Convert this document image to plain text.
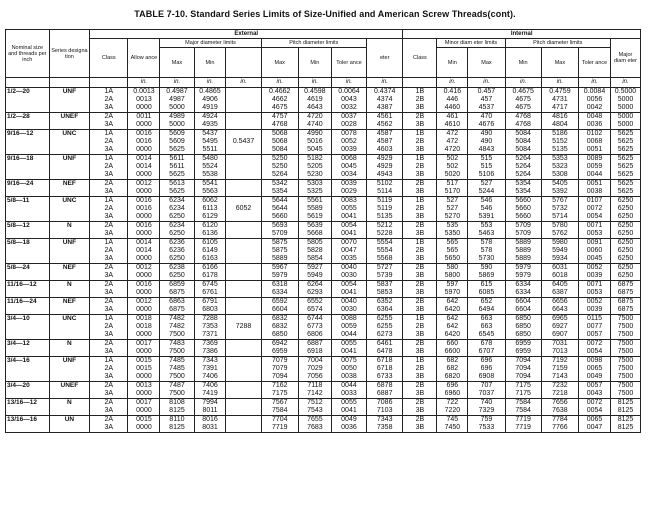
TABLE 7-10. Standard Series Limits of Size-Unified and American Screw Threads(cont).
Nominal size and threads per inch	Series designa tion	External									Internal						
		Class	Allow ance	Major diameter limits			Pitch diameter limits			eter	Class	Minor diam eter limits		Pitch diameter limits			Major diam eter
				Max	Min		Max	Min	Toler ance			Min	Max	Min	Max	Toler ance	
			in.	in.	in.	in.	in.	in.	in.	in.		in.	in.	in.	in.	in.	in.
1/2—20	UNF	1A	0.0013	0.4987	0.4865		0.4662	0.4598	0.0064	0.4374	1B	0.416	0.457	0.4675	0.4759	0.0084	0.5000
		2A	0013	4987	4906		4662	4619	0043	4374	2B	446	457	4675	4731	0056	5000
		3A	0000	5000	4919		4675	4643	0032	4387	3B	4460	4537	4675	4717	0042	5000
1/2—28	UNEF	2A	0011	4989	4924		4757	4720	0037	4561	2B	461	470	4768	4816	0048	5000
		3A	0000	5000	4935		4768	4740	0028	4562	3B	4610	4676	4768	4804	0036	5000
9/16—12	UNC	1A	0016	5609	5437		5068	4990	0078	4587	1B	472	490	5084	5186	0102	5625
		2A	0016	5609	5495	0.5437	5068	5016	0052	4587	2B	472	490	5084	5152	0068	5625
		3A	0000	5625	5511		5084	5045	0039	4603	3B	4720	4843	5084	5135	0051	5625
9/16—18	UNF	1A	0014	5611	5480		5250	5182	0068	4929	1B	502	515	5264	5353	0089	5625
		2A	0014	5611	5524		5250	5205	0045	4929	2B	502	515	5264	5323	0059	5625
		3A	0000	5625	5538		5264	5230	0034	4943	3B	5020	5106	5264	5308	0044	5625
9/16—24	NEF	2A	0012	5613	5541		5342	5303	0039	5102	2B	517	527	5354	5405	0051	5625
		3A	0000	5625	5563		5354	5325	0029	5114	3B	5170	5244	5354	5392	0038	5625
5/8—11	UNC	1A	0016	6234	6062		5644	5561	0083	5119	1B	527	546	5660	5767	0107	6250
		2A	0016	6234	6113	6052	5644	5589	0055	5119	2B	527	546	5660	5732	0072	6250
		3A	0000	6250	6129		5660	5619	0041	5135	3B	5270	5391	5660	5714	0054	6250
5/8—12	N	2A	0016	6234	6120		5693	5639	0054	5212	2B	535	553	5709	5780	0071	6250
		3A	0000	6250	6136		5709	5668	0041	5228	3B	5350	5463	5709	5762	0053	6250
5/8—18	UNF	1A	0014	6236	6105		5875	5805	0070	5554	1B	565	578	5889	5980	0091	6250
		2A	0014	6236	6149		5875	5828	0047	5554	2B	565	578	5889	5949	0060	6250
		3A	0000	6250	6163		5889	5854	0035	5568	3B	5650	5730	5889	5934	0045	6250
5/8—24	NEF	2A	0012	6238	6166		5967	5927	0040	5727	2B	580	590	5979	6031	0052	6250
		3A	0000	6250	6178		5979	5949	0030	5739	3B	5800	5869	5979	6018	0039	6250
11/16—12	N	2A	0016	6859	6745		6318	6264	0054	5837	2B	597	615	6334	6405	0071	6875
		3A	0000	6875	6761		6334	6293	0041	5853	3B	5970	6085	6334	6387	0053	6875
11/16—24	NEF	2A	0012	6863	6791		6592	6552	0040	6352	2B	642	652	6604	6656	0052	6875
		3A	0000	6875	6803		6604	6574	0030	6364	3B	6420	6494	6604	6643	0039	6875
3/4—10	UNC	1A	0018	7482	7288		6832	6744	0088	6255	1B	642	663	6850	6965	0115	7500
		2A	0018	7482	7353	7288	6832	6773	0059	6255	2B	642	663	6850	6927	0077	7500
		3A	0000	7500	7371		6850	6806	0044	6273	3B	6420	6545	6850	6907	0057	7500
3/4—12	N	2A	0017	7483	7369		6942	6887	0055	6461	2B	660	678	6959	7031	0072	7500
		3A	0000	7500	7386		6959	6918	0041	6478	3B	6600	6707	6959	7013	0054	7500
3/4—16	UNF	1A	0015	7485	7343		7079	7004	0075	6718	1B	682	696	7094	7192	0098	7500
		2A	0015	7485	7391		7079	7029	0050	6718	2B	682	696	7094	7159	0065	7500
		3A	0000	7500	7406		7094	7056	0038	6733	3B	6820	6908	7094	7143	0049	7500
3/4—20	UNEF	2A	0013	7487	7406		7162	7118	0044	6878	2B	696	707	7175	7232	0057	7500
		3A	0000	7500	7419		7175	7142	0033	6887	3B	6960	7037	7175	7218	0043	7500
13/16—12	N	2A	0017	8108	7994		7567	7512	0055	7086	2B	722	740	7584	7656	0072	8125
		3A	0000	8125	8011		7584	7543	0041	7103	3B	7220	7329	7584	7638	0054	8125
13/16—16	UN	2A	0015	8110	8016		7704	7655	0049	7343	2B	745	759	7719	7784	0065	8125
		3A	0000	8125	8031		7719	7683	0036	7358	3B	7450	7533	7719	7766	0047	8125
